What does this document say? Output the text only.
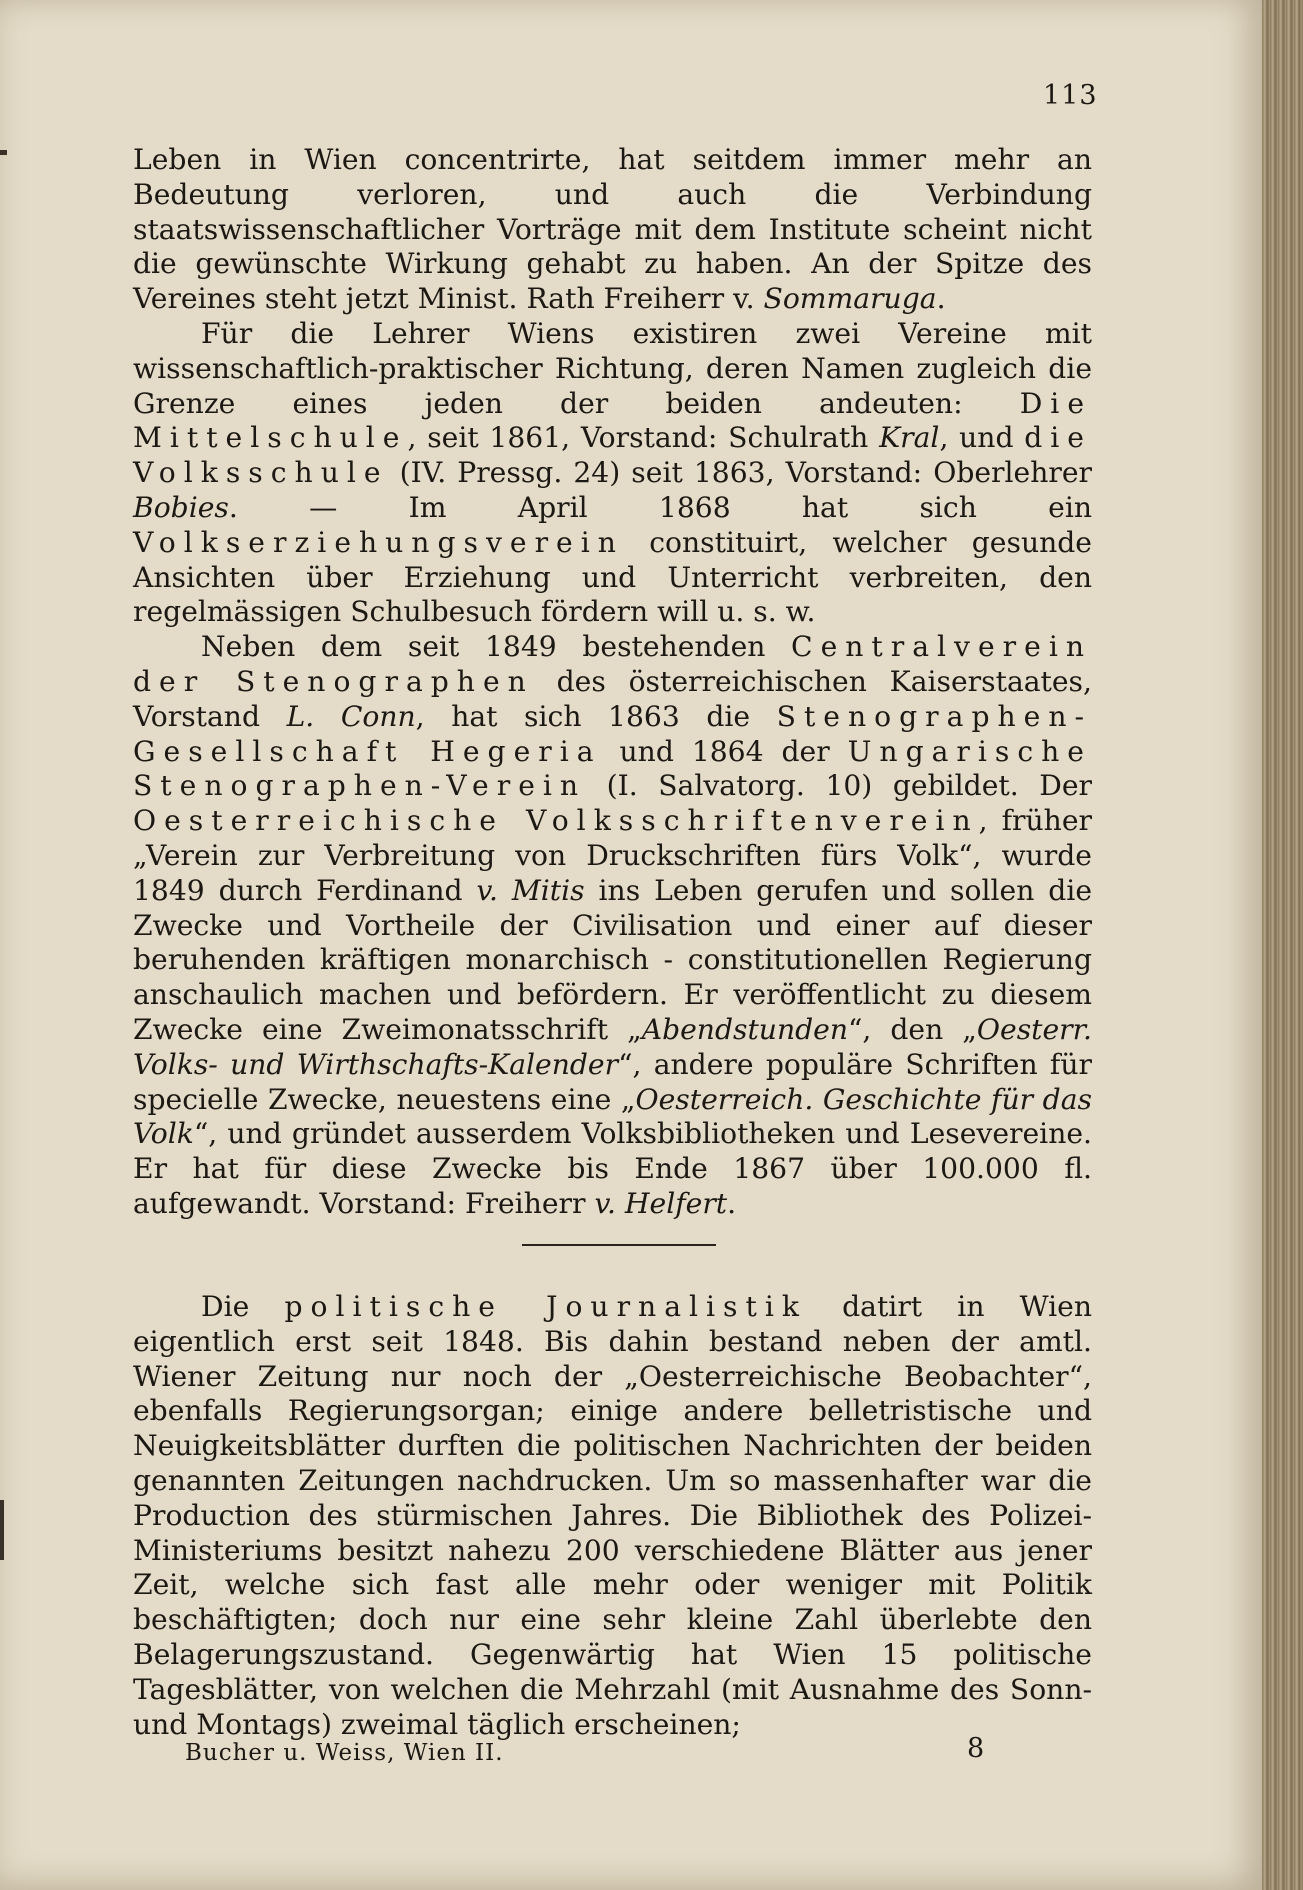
113

Leben in Wien concentrirte, hat seitdem immer mehr an Bedeutung verloren, und auch die Verbindung staatswissenschaftlicher Vorträge mit dem Institute scheint nicht die gewünschte Wirkung gehabt zu haben. An der Spitze des Vereines steht jetzt Minist. Rath Freiherr v. Sommaruga.

Für die Lehrer Wiens existiren zwei Vereine mit wissenschaftlich-praktischer Richtung, deren Namen zugleich die Grenze eines jeden der beiden andeuten: Die Mittelschule, seit 1861, Vorstand: Schulrath Kral, und die Volksschule (IV. Pressg. 24) seit 1863, Vorstand: Oberlehrer Bobies. — Im April 1868 hat sich ein Volkserziehungsverein constituirt, welcher gesunde Ansichten über Erziehung und Unterricht verbreiten, den regelmässigen Schulbesuch fördern will u. s. w.

Neben dem seit 1849 bestehenden Centralverein der Stenographen des österreichischen Kaiserstaates, Vorstand L. Conn, hat sich 1863 die Stenographen-Gesellschaft Hegeria und 1864 der Ungarische Stenographen-Verein (I. Salvatorg. 10) gebildet. Der Oesterreichische Volksschriftenverein, früher „Verein zur Verbreitung von Druckschriften fürs Volk“, wurde 1849 durch Ferdinand v. Mitis ins Leben gerufen und sollen die Zwecke und Vortheile der Civilisation und einer auf dieser beruhenden kräftigen monarchisch - constitutionellen Regierung anschaulich machen und befördern. Er veröffentlicht zu diesem Zwecke eine Zweimonatsschrift „Abendstunden“, den „Oesterr. Volks- und Wirthschafts-Kalender“, andere populäre Schriften für specielle Zwecke, neuestens eine „Oesterreich. Geschichte für das Volk“, und gründet ausserdem Volksbibliotheken und Lesevereine. Er hat für diese Zwecke bis Ende 1867 über 100.000 fl. aufgewandt. Vorstand: Freiherr v. Helfert.

Die politische Journalistik datirt in Wien eigentlich erst seit 1848. Bis dahin bestand neben der amtl. Wiener Zeitung nur noch der „Oesterreichische Beobachter“, ebenfalls Regierungsorgan; einige andere belletristische und Neuigkeitsblätter durften die politischen Nachrichten der beiden genannten Zeitungen nachdrucken. Um so massenhafter war die Production des stürmischen Jahres. Die Bibliothek des Polizei-Ministeriums besitzt nahezu 200 verschiedene Blätter aus jener Zeit, welche sich fast alle mehr oder weniger mit Politik beschäftigten; doch nur eine sehr kleine Zahl überlebte den Belagerungszustand. Gegenwärtig hat Wien 15 politische Tagesblätter, von welchen die Mehrzahl (mit Ausnahme des Sonn- und Montags) zweimal täglich erscheinen;

Bucher u. Weiss, Wien II.	8
